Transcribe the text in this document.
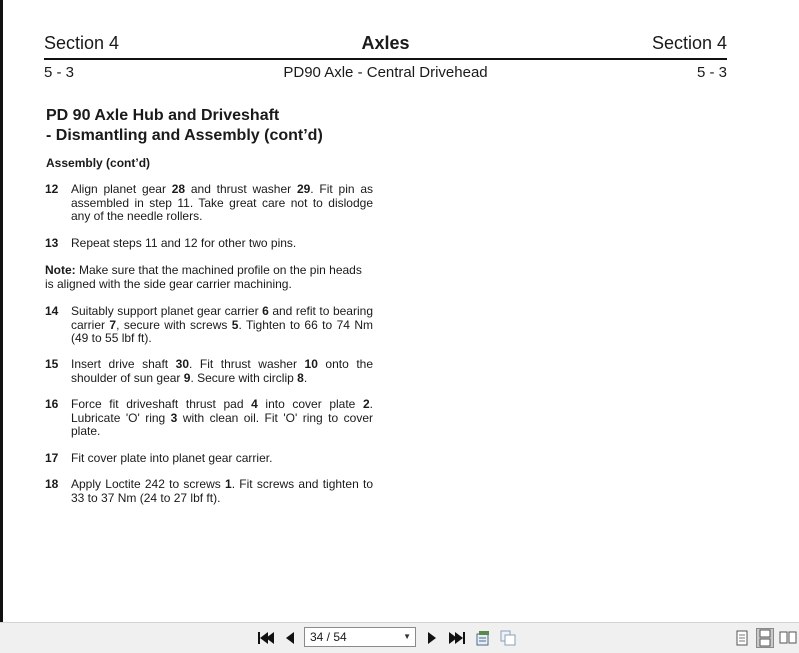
Section 4	Axles	Section 4
5 - 3	PD90 Axle - Central Drivehead	5 - 3
PD 90 Axle Hub and Driveshaft
- Dismantling and Assembly (cont’d)
Assembly (cont’d)
12 Align planet gear 28 and thrust washer 29. Fit pin as assembled in step 11. Take great care not to dislodge any of the needle rollers.
13 Repeat steps 11 and 12 for other two pins.
14 Suitably support planet gear carrier 6 and refit to bearing carrier 7, secure with screws 5. Tighten to 66 to 74 Nm (49 to 55 lbf ft).
15 Insert drive shaft 30. Fit thrust washer 10 onto the shoulder of sun gear 9. Secure with circlip 8.
16 Force fit driveshaft thrust pad 4 into cover plate 2. Lubricate 'O' ring 3 with clean oil. Fit 'O' ring to cover plate.
17 Fit cover plate into planet gear carrier.
18 Apply Loctite 242 to screws 1. Fit screws and tighten to 33 to 37 Nm (24 to 27 lbf ft).
Note: Make sure that the machined profile on the pin heads is aligned with the side gear carrier machining.
34 / 54	▼
